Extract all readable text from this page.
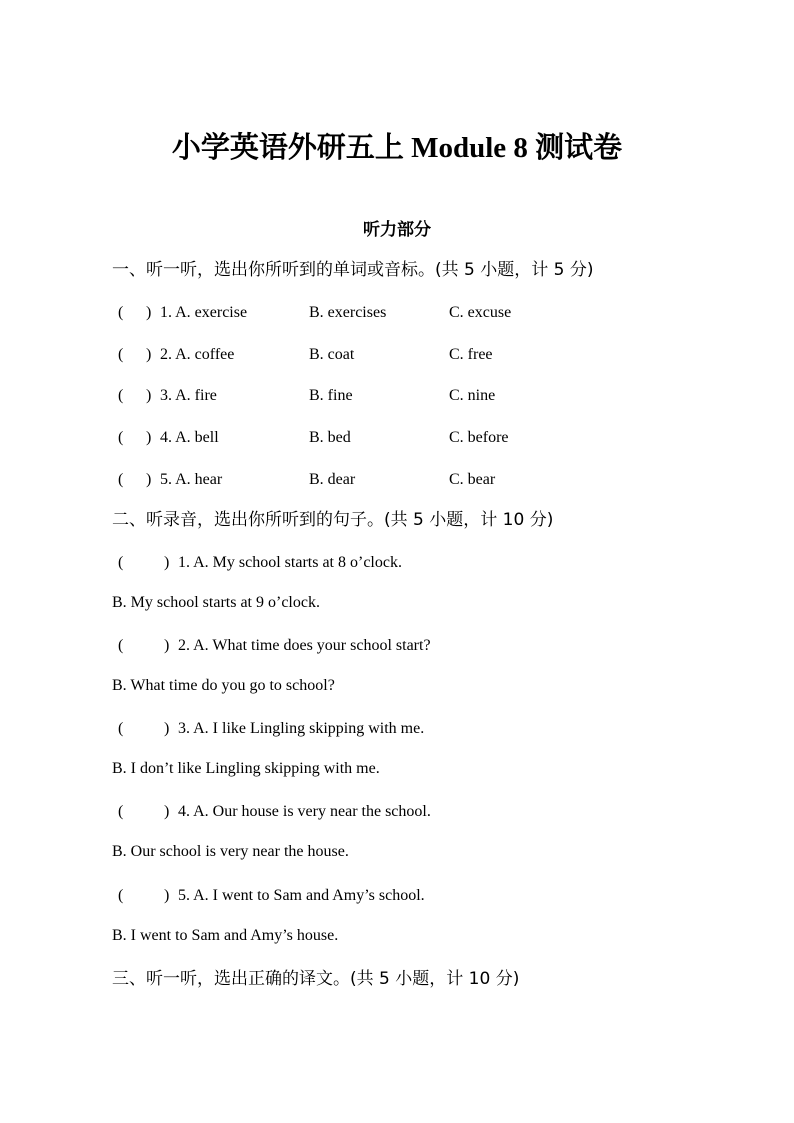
小学英语外研五上 Module 8 测试卷
听力部分
一、听一听，选出你所听到的单词或音标。(共 5 小题，计 5 分)
( ) 1. A. exercise	B. exercises	C. excuse
( ) 2. A. coffee	B. coat	C. free
( ) 3. A. fire	B. fine	C. nine
( ) 4. A. bell	B. bed	C. before
( ) 5. A. hear	B. dear	C. bear
二、听录音，选出你所听到的句子。(共 5 小题，计 10 分)
(	) 1. A. My school starts at 8 o’clock.
B. My school starts at 9 o’clock.
(	) 2. A. What time does your school start?
B. What time do you go to school?
(	) 3. A. I like Lingling skipping with me.
B. I don’t like Lingling skipping with me.
(	) 4. A. Our house is very near the school.
B. Our school is very near the house.
(	) 5. A. I went to Sam and Amy’s school.
B. I went to Sam and Amy’s house.
三、听一听，选出正确的译文。(共 5 小题，计 10 分)
